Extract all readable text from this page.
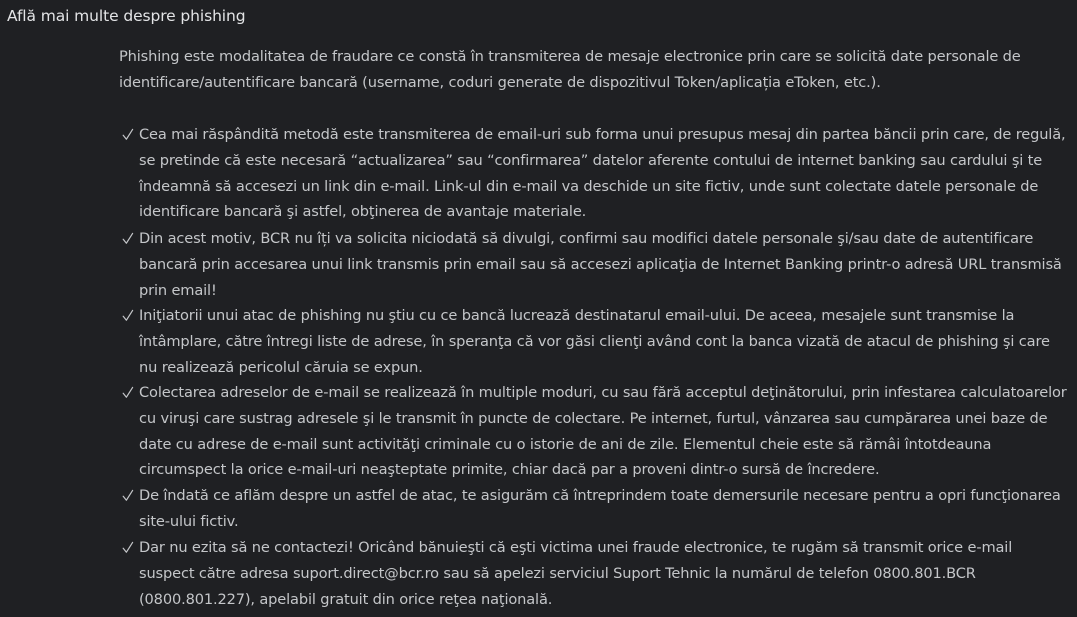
Află mai multe despre phishing

Phishing este modalitatea de fraudare ce constă în transmiterea de mesaje electronice prin care se solicită date personale de identificare/autentificare bancară (username, coduri generate de dispozitivul Token/aplicația eToken, etc.).

Cea mai răspândită metodă este transmiterea de email-uri sub forma unui presupus mesaj din partea băncii prin care, de regulă, se pretinde că este necesară “actualizarea” sau “confirmarea” datelor aferente contului de internet banking sau cardului şi te îndeamnă să accesezi un link din e-mail. Link-ul din e-mail va deschide un site fictiv, unde sunt colectate datele personale de identificare bancară şi astfel, obţinerea de avantaje materiale.
Din acest motiv, BCR nu îți va solicita niciodată să divulgi, confirmi sau modifici datele personale şi/sau date de autentificare bancară prin accesarea unui link transmis prin email sau să accesezi aplicaţia de Internet Banking printr-o adresă URL transmisă prin email!
Iniţiatorii unui atac de phishing nu ştiu cu ce bancă lucrează destinatarul email-ului. De aceea, mesajele sunt transmise la întâmplare, către întregi liste de adrese, în speranţa că vor găsi clienţi având cont la banca vizată de atacul de phishing şi care nu realizează pericolul căruia se expun.
Colectarea adreselor de e-mail se realizează în multiple moduri, cu sau fără acceptul deţinătorului, prin infestarea calculatoarelor cu viruşi care sustrag adresele şi le transmit în puncte de colectare. Pe internet, furtul, vânzarea sau cumpărarea unei baze de date cu adrese de e-mail sunt activităţi criminale cu o istorie de ani de zile. Elementul cheie este să rămâi întotdeauna circumspect la orice e-mail-uri neaşteptate primite, chiar dacă par a proveni dintr-o sursă de încredere.
De îndată ce aflăm despre un astfel de atac, te asigurăm că întreprindem toate demersurile necesare pentru a opri funcţionarea site-ului fictiv.
Dar nu ezita să ne contactezi! Oricând bănuieşti că eşti victima unei fraude electronice, te rugăm să transmit orice e-mail suspect către adresa suport.direct@bcr.ro sau să apelezi serviciul Suport Tehnic la numărul de telefon 0800.801.BCR (0800.801.227), apelabil gratuit din orice reţea naţională.
